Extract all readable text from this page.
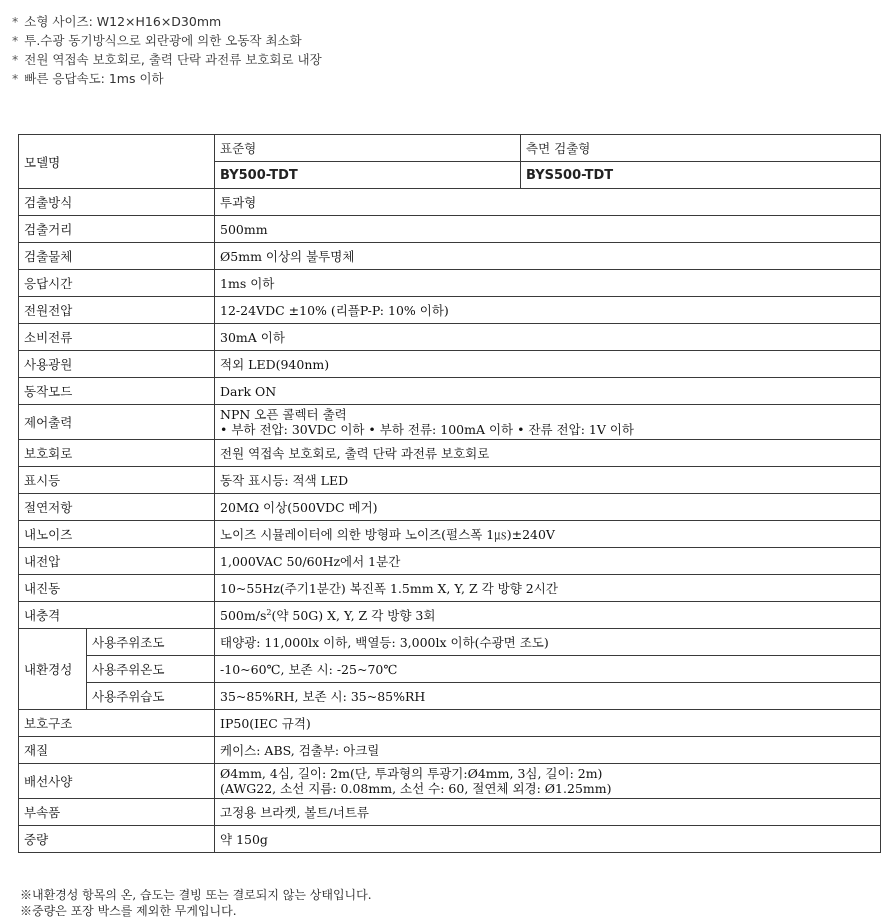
* 소형 사이즈: W12×H16×D30mm
* 투.수광 동기방식으로 외란광에 의한 오동작 최소화
* 전원 역접속 보호회로, 출력 단락 과전류 보호회로 내장
* 빠른 응답속도: 1ms 이하
모델명		표준형	측면 검출형
		BY500-TDT	BYS500-TDT
검출방식		투과형	
검출거리		500mm	
검출물체		Ø5mm 이상의 불투명체	
응답시간		1ms 이하	
전원전압		12-24VDC ±10% (리플P-P: 10% 이하)	
소비전류		30mA 이하	
사용광원		적외 LED(940nm)	
동작모드		Dark ON	
제어출력		NPN 오픈 콜렉터 출력
• 부하 전압: 30VDC 이하 • 부하 전류: 100mA 이하 • 잔류 전압: 1V 이하	

보호회로		전원 역접속 보호회로, 출력 단락 과전류 보호회로	
표시등		동작 표시등: 적색 LED	
절연저항		20MΩ 이상(500VDC 메거)	
내노이즈		노이즈 시뮬레이터에 의한 방형파 노이즈(펄스폭 1㎲)±240V	
내전압		1,000VAC 50/60Hz에서 1분간	
내진동		10~55Hz(주기1분간) 복진폭 1.5mm X, Y, Z 각 방향 2시간	
내충격		$500m/s^2$(약 50G) X, Y, Z 각 방향 3회	
내환경성	사용주위조도	태양광: 11,000lx 이하, 백열등: 3,000lx 이하(수광면 조도)	
	사용주위온도	-10~60℃, 보존 시: -25~70℃	
	사용주위습도	35~85%RH, 보존 시: 35~85%RH	
보호구조		IP50(IEC 규격)	
재질		케이스: ABS, 검출부: 아크릴	
배선사양		Ø4mm, 4심, 길이: 2m(단, 투과형의 투광기:Ø4mm, 3심, 길이: 2m)
(AWG22, 소선 지름: 0.08mm, 소선 수: 60, 절연체 외경: Ø1.25mm)	

부속품		고정용 브라켓, 볼트/너트류	
중량		약 150g	
※내환경성 항목의 온, 습도는 결빙 또는 결로되지 않는 상태입니다.
※중량은 포장 박스를 제외한 무게입니다.
